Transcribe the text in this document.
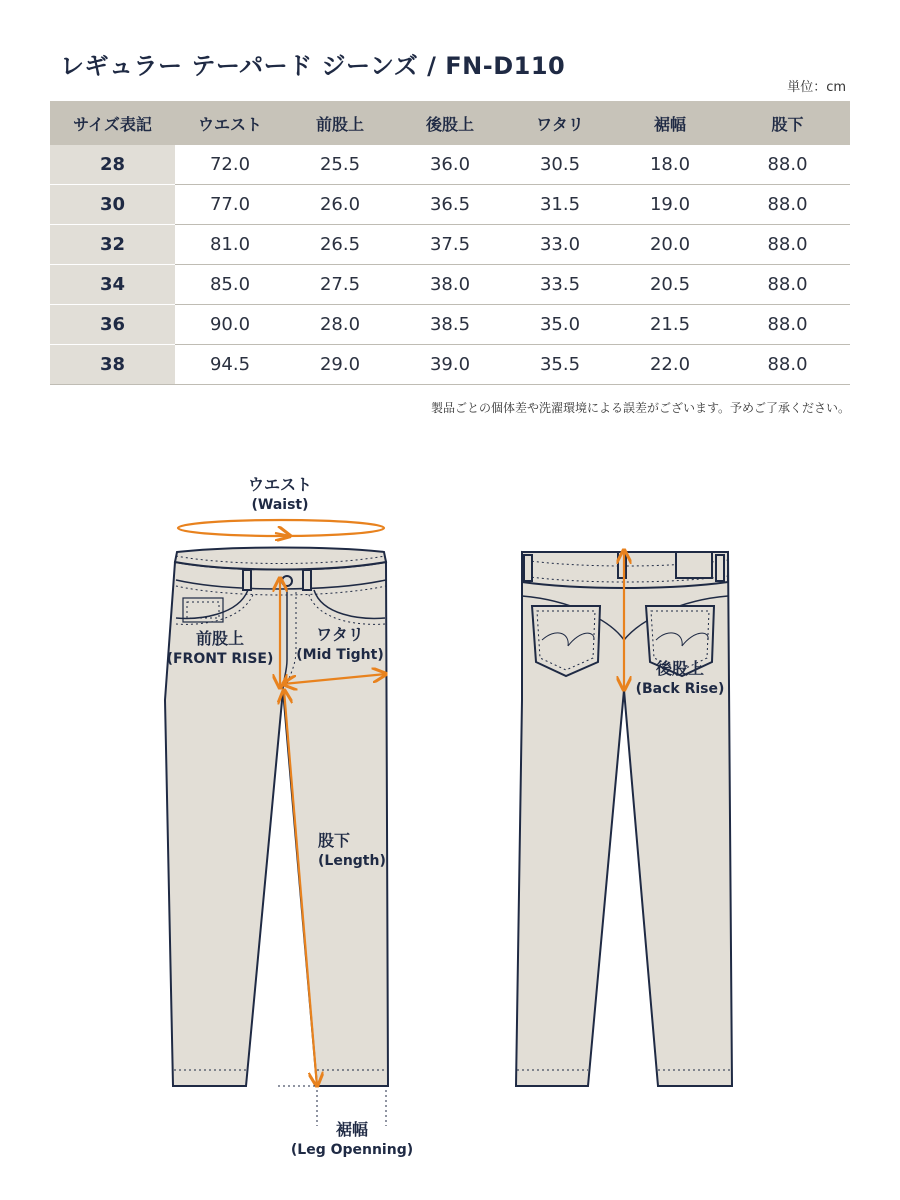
レギュラー テーパード ジーンズ / FN-D110
単位：cm
サイズ表記	ウエスト	前股上	後股上	ワタリ	裾幅	股下
28	72.0	25.5	36.0	30.5	18.0	88.0
30	77.0	26.0	36.5	31.5	19.0	88.0
32	81.0	26.5	37.5	33.0	20.0	88.0
34	85.0	27.5	38.0	33.5	20.5	88.0
36	90.0	28.0	38.5	35.0	21.5	88.0
38	94.5	29.0	39.0	35.5	22.0	88.0
製品ごとの個体差や洗濯環境による誤差がございます。予めご了承ください。
ウエスト
(Waist)
前股上
(FRONT RISE)
ワタリ
(Mid Tight)
股下
(Length)
裾幅
(Leg Openning)
後股上
(Back Rise)
